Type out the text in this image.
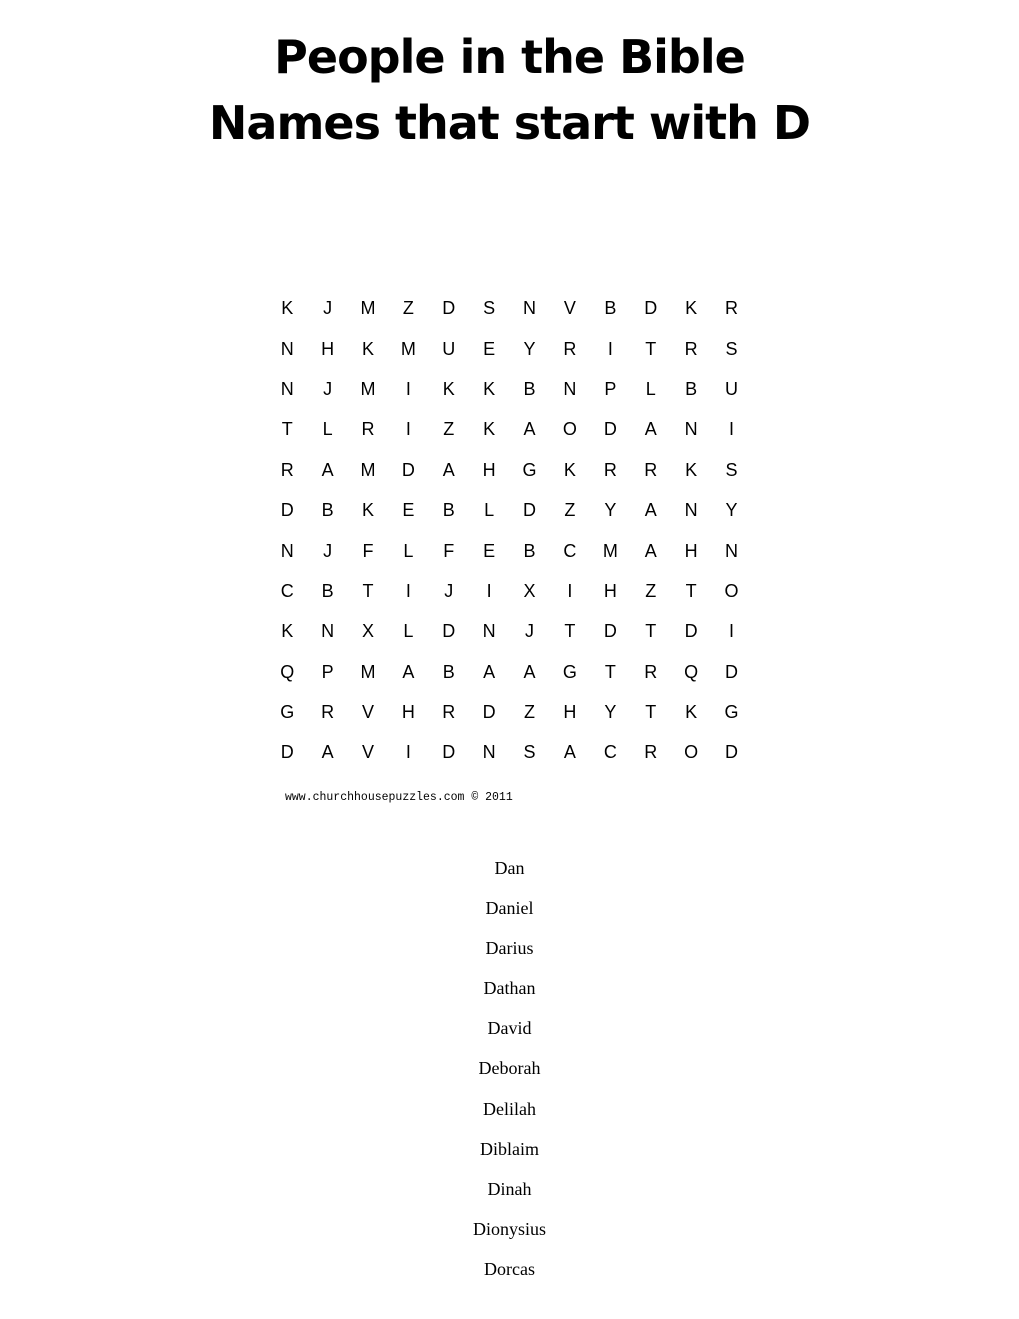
People in the Bible
Names that start with D
K	J	M	Z	D	S	N	V	B	D	K	R
N	H	K	M	U	E	Y	R	I	T	R	S
N	J	M	I	K	K	B	N	P	L	B	U
T	L	R	I	Z	K	A	O	D	A	N	I
R	A	M	D	A	H	G	K	R	R	K	S
D	B	K	E	B	L	D	Z	Y	A	N	Y
N	J	F	L	F	E	B	C	M	A	H	N
C	B	T	I	J	I	X	I	H	Z	T	O
K	N	X	L	D	N	J	T	D	T	D	I
Q	P	M	A	B	A	A	G	T	R	Q	D
G	R	V	H	R	D	Z	H	Y	T	K	G
D	A	V	I	D	N	S	A	C	R	O	D
www.churchhousepuzzles.com © 2011
Dan
Daniel
Darius
Dathan
David
Deborah
Delilah
Diblaim
Dinah
Dionysius
Dorcas
